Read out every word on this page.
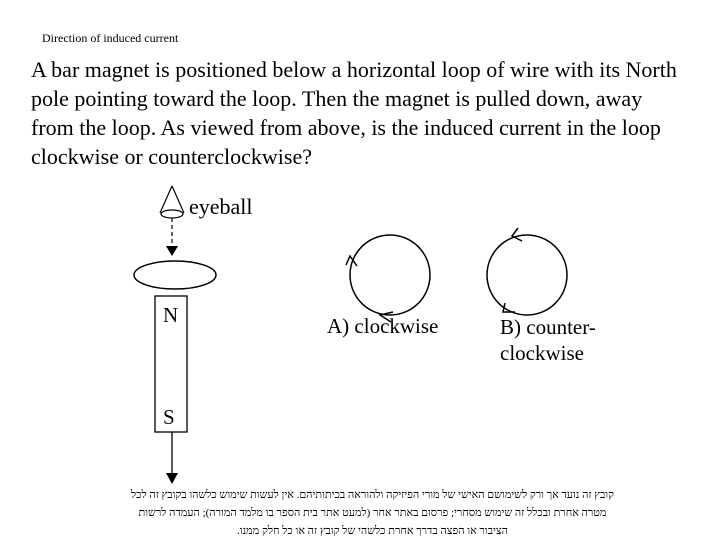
Direction of induced current
A bar magnet is positioned below a horizontal loop of wire with its North pole pointing toward the loop. Then the magnet is pulled down, away from the loop. As viewed from above, is the induced current in the loop clockwise or counterclockwise?
eyeball
N
S
A) clockwise	B) counter-
clockwise
קובץ זה נועד אך ורק לשימושם האישי של מורי הפיזיקה ולהוראה בכיתותיהם. אין לעשות שימוש כלשהו בקובץ זה לכל
מטרה אחרת ובכלל זה שימוש מסחרי; פרסום באתר אחר (למעט אתר בית הספר בו מלמד המורה); העמדה לרשות
הציבור או הפצה בדרך אחרת כלשהי של קובץ זה או כל חלק ממנו.
